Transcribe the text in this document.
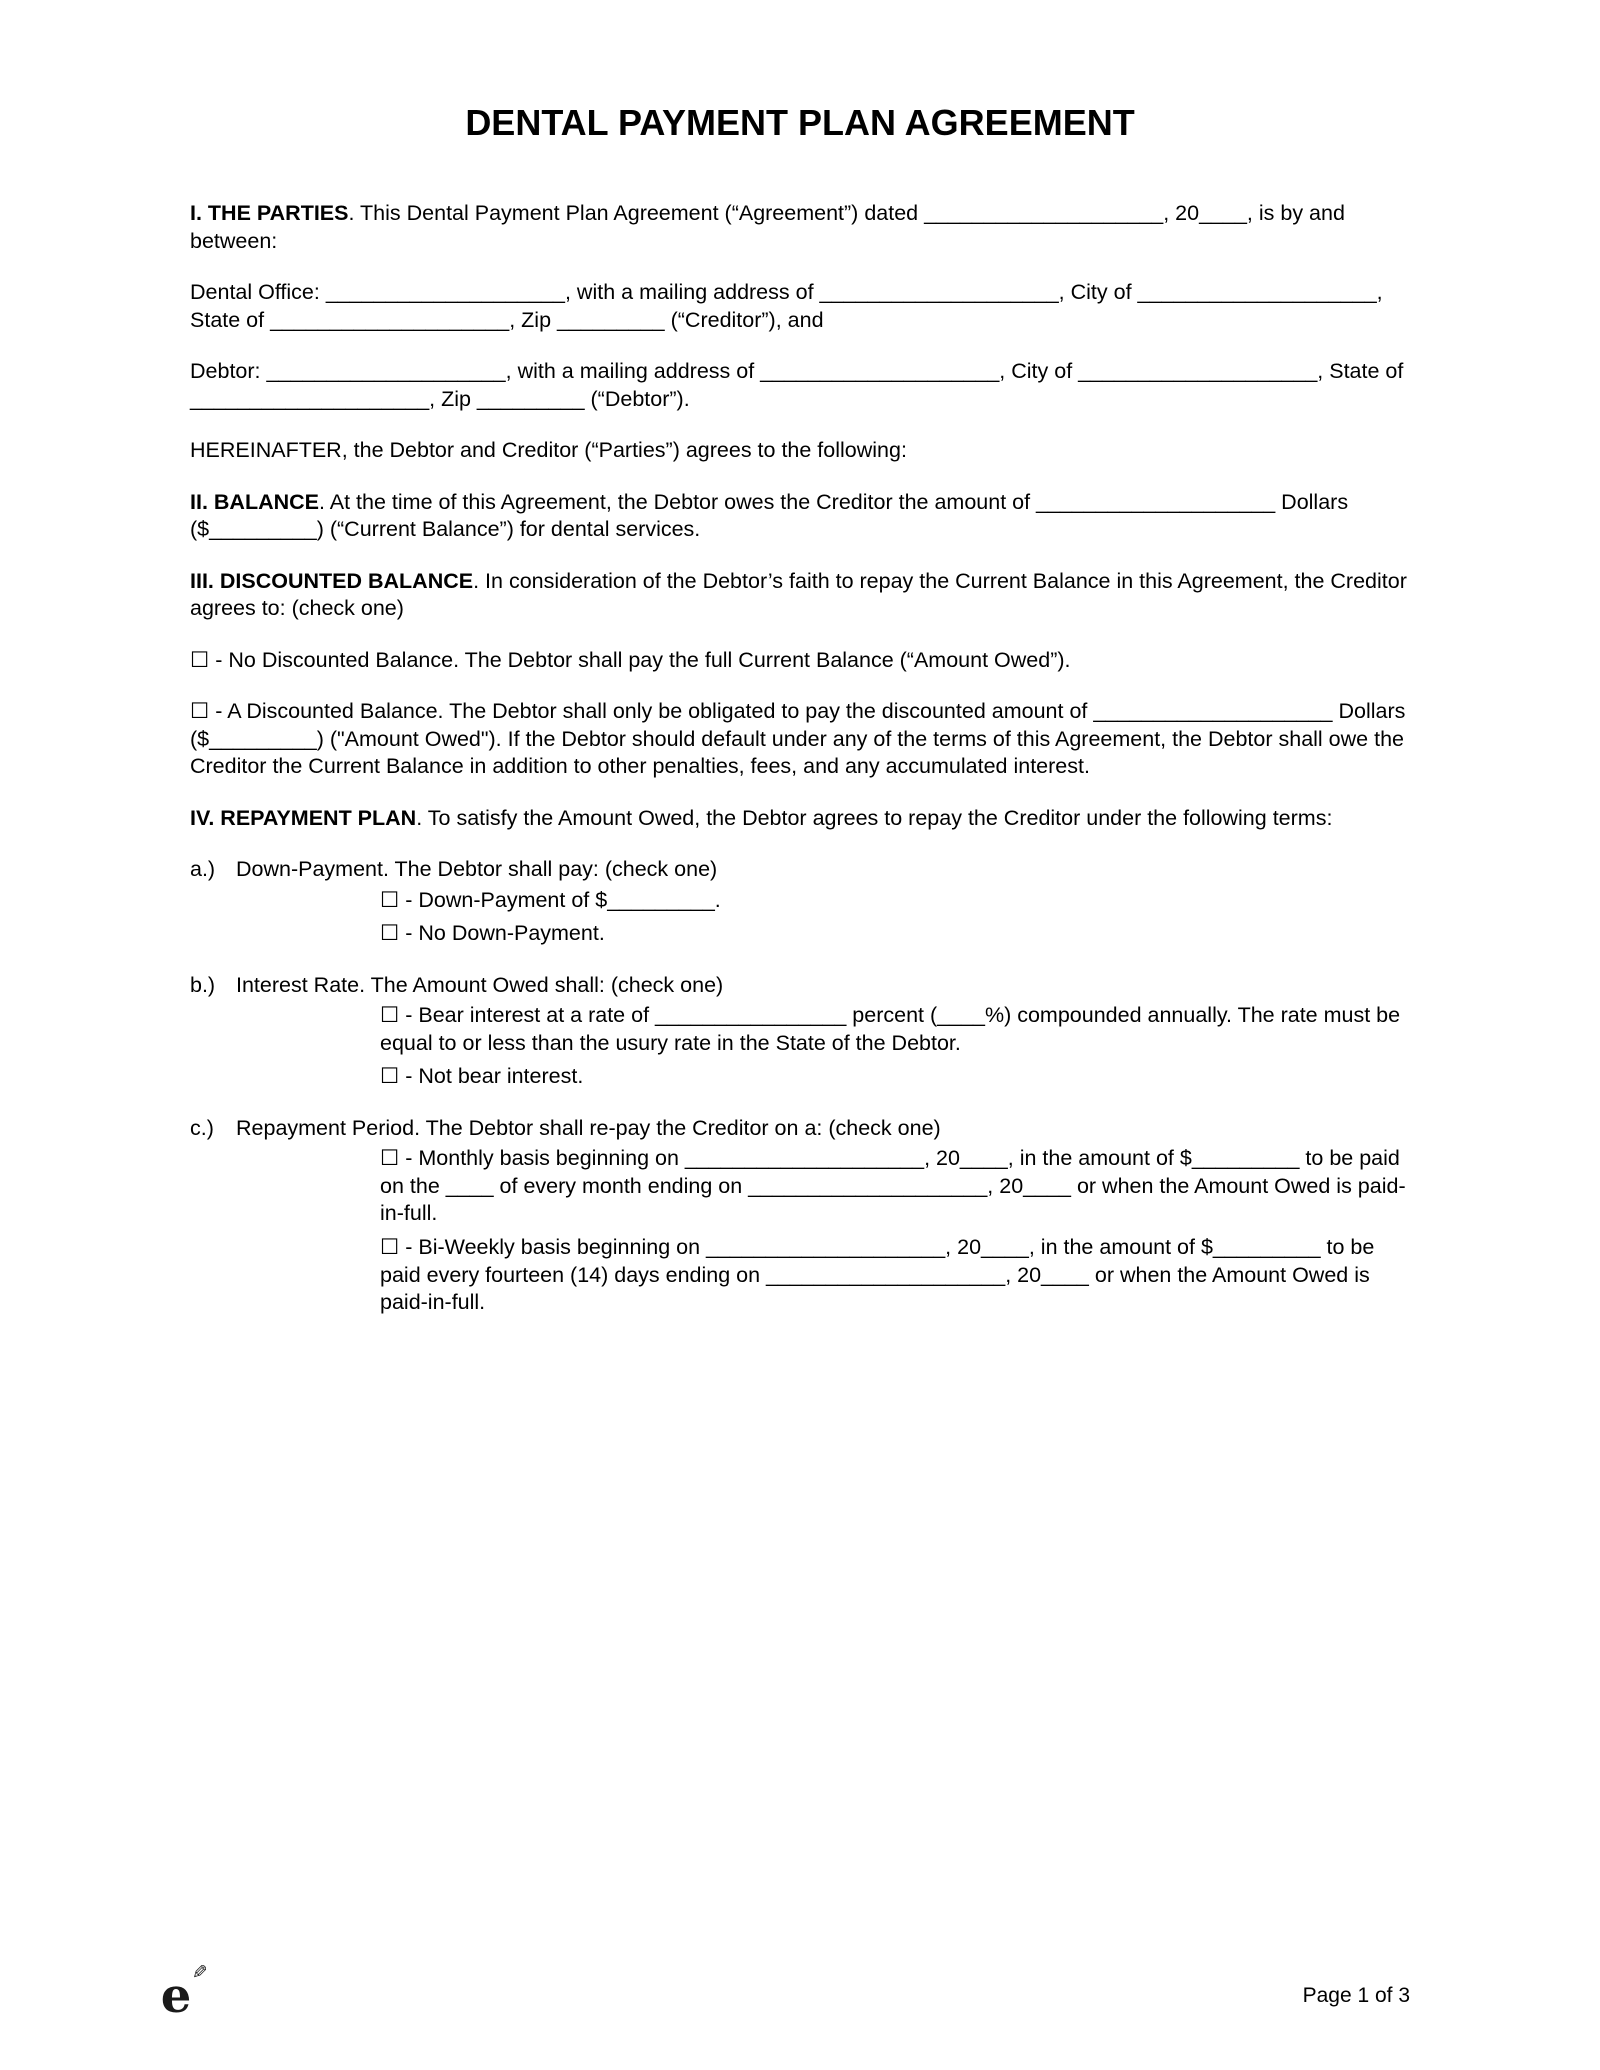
DENTAL PAYMENT PLAN AGREEMENT

I. THE PARTIES. This Dental Payment Plan Agreement (“Agreement”) dated ____________________, 20____, is by and between:

Dental Office: ____________________, with a mailing address of ____________________, City of ____________________, State of ____________________, Zip _________ (“Creditor”), and

Debtor: ____________________, with a mailing address of ____________________, City of ____________________, State of ____________________, Zip _________ (“Debtor”).

HEREINAFTER, the Debtor and Creditor (“Parties”) agrees to the following:

II. BALANCE. At the time of this Agreement, the Debtor owes the Creditor the amount of ____________________ Dollars ($_________) (“Current Balance”) for dental services.

III. DISCOUNTED BALANCE. In consideration of the Debtor’s faith to repay the Current Balance in this Agreement, the Creditor agrees to: (check one)

☐ - No Discounted Balance. The Debtor shall pay the full Current Balance (“Amount Owed”).

☐ - A Discounted Balance. The Debtor shall only be obligated to pay the discounted amount of ____________________ Dollars ($_________) ("Amount Owed"). If the Debtor should default under any of the terms of this Agreement, the Debtor shall owe the Creditor the Current Balance in addition to other penalties, fees, and any accumulated interest.

IV. REPAYMENT PLAN. To satisfy the Amount Owed, the Debtor agrees to repay the Creditor under the following terms:

a.) Down-Payment. The Debtor shall pay: (check one)
☐ - Down-Payment of $_________.
☐ - No Down-Payment.
b.) Interest Rate. The Amount Owed shall: (check one)
☐ - Bear interest at a rate of ________________ percent (____%) compounded annually. The rate must be equal to or less than the usury rate in the State of the Debtor.
☐ - Not bear interest.
c.) Repayment Period. The Debtor shall re-pay the Creditor on a: (check one)
☐ - Monthly basis beginning on ____________________, 20____, in the amount of $_________ to be paid on the ____ of every month ending on ____________________, 20____ or when the Amount Owed is paid-in-full.
☐ - Bi-Weekly basis beginning on ____________________, 20____, in the amount of $_________ to be paid every fourteen (14) days ending on ____________________, 20____ or when the Amount Owed is paid-in-full.
e
✎
Page 1 of 3
